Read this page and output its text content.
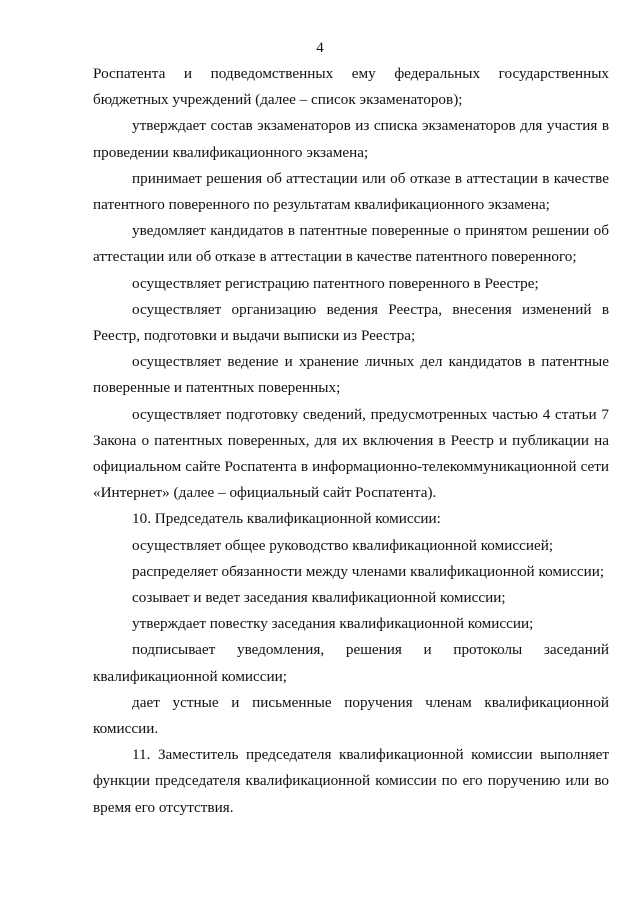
4

Роспатента и подведомственных ему федеральных государственных бюджетных учреждений (далее – список экзаменаторов);

утверждает состав экзаменаторов из списка экзаменаторов для участия в проведении квалификационного экзамена;

принимает решения об аттестации или об отказе в аттестации в качестве патентного поверенного по результатам квалификационного экзамена;

уведомляет кандидатов в патентные поверенные о принятом решении об аттестации или об отказе в аттестации в качестве патентного поверенного;

осуществляет регистрацию патентного поверенного в Реестре;

осуществляет организацию ведения Реестра, внесения изменений в Реестр, подготовки и выдачи выписки из Реестра;

осуществляет ведение и хранение личных дел кандидатов в патентные поверенные и патентных поверенных;

осуществляет подготовку сведений, предусмотренных частью 4 статьи 7 Закона о патентных поверенных, для их включения в Реестр и публикации на официальном сайте Роспатента в информационно-телекоммуникационной сети «Интернет» (далее – официальный сайт Роспатента).

10. Председатель квалификационной комиссии:

осуществляет общее руководство квалификационной комиссией;

распределяет обязанности между членами квалификационной комиссии;

созывает и ведет заседания квалификационной комиссии;

утверждает повестку заседания квалификационной комиссии;

подписывает уведомления, решения и протоколы заседаний квалификационной комиссии;

дает устные и письменные поручения членам квалификационной комиссии.

11. Заместитель председателя квалификационной комиссии выполняет функции председателя квалификационной комиссии по его поручению или во время его отсутствия.
